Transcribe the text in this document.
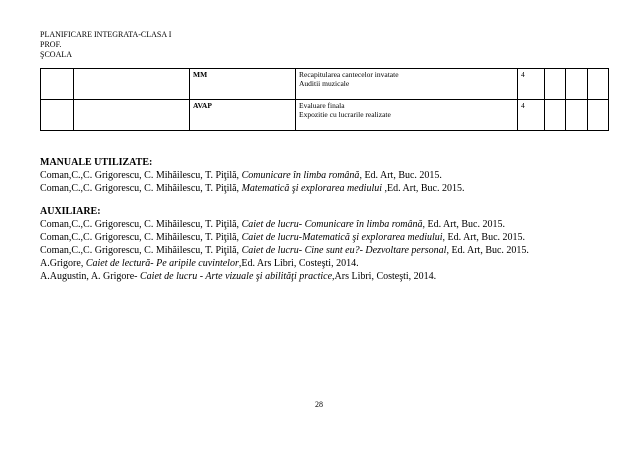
PLANIFICARE INTEGRATA-CLASA I
PROF.
ŞCOALA
		MM	Recapitularea cantecelor invatate
Auditii muzicale	4			
		AVAP	Evaluare finala
Expozitie cu lucrarile realizate	4			
MANUALE UTILIZATE:
Coman,C.,C. Grigorescu, C. Mihăilescu, T. Piţilă, Comunicare în limba română, Ed. Art, Buc. 2015.
Coman,C.,C. Grigorescu, C. Mihăilescu, T. Piţilă, Matematică şi explorarea mediului ,Ed. Art, Buc. 2015.
AUXILIARE:
Coman,C.,C. Grigorescu, C. Mihăilescu, T. Piţilă, Caiet de lucru- Comunicare în limba română, Ed. Art, Buc. 2015.
Coman,C.,C. Grigorescu, C. Mihăilescu, T. Piţilă, Caiet de lucru-Matematică şi explorarea mediului, Ed. Art, Buc. 2015.
Coman,C.,C. Grigorescu, C. Mihăilescu, T. Piţilă, Caiet de lucru- Cine sunt eu?- Dezvoltare personal, Ed. Art, Buc. 2015.
A.Grigore, Caiet de lectură- Pe aripile cuvintelor,Ed. Ars Libri, Costeşti, 2014.
A.Augustin, A. Grigore- Caiet de lucru - Arte vizuale şi abilităţi practice,Ars Libri, Costeşti, 2014.
28
